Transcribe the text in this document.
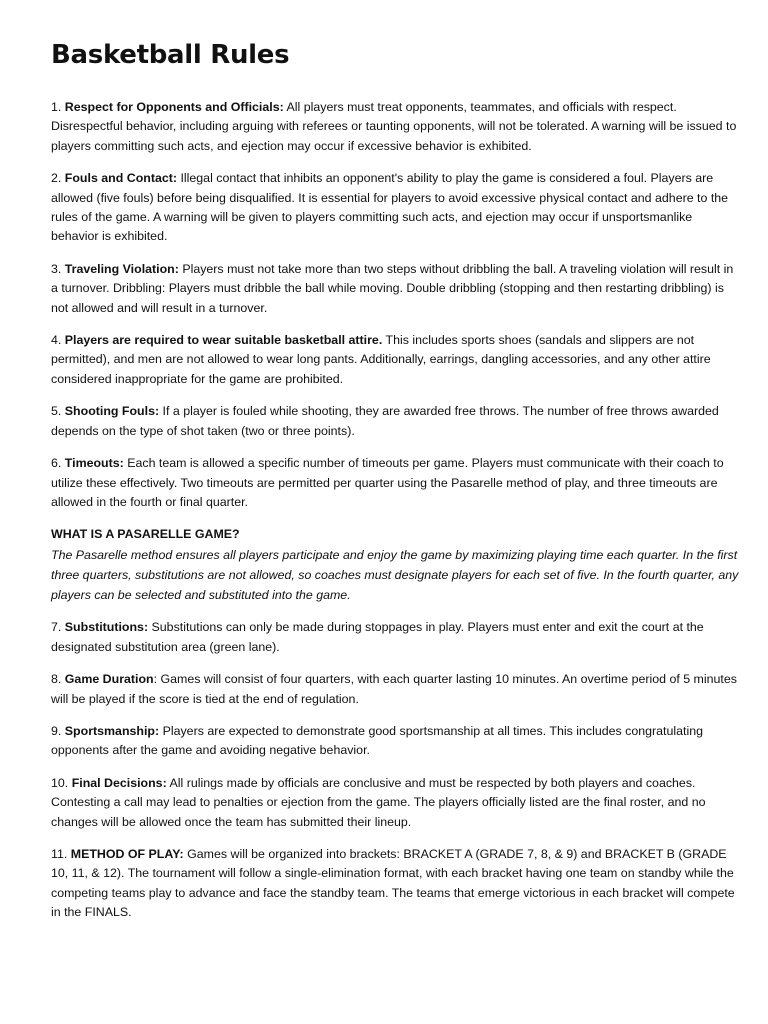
Basketball Rules

1. Respect for Opponents and Officials: All players must treat opponents, teammates, and officials with respect. Disrespectful behavior, including arguing with referees or taunting opponents, will not be tolerated. A warning will be issued to players committing such acts, and ejection may occur if excessive behavior is exhibited.

2. Fouls and Contact: Illegal contact that inhibits an opponent's ability to play the game is considered a foul. Players are allowed (five fouls) before being disqualified. It is essential for players to avoid excessive physical contact and adhere to the rules of the game. A warning will be given to players committing such acts, and ejection may occur if unsportsmanlike behavior is exhibited.

3. Traveling Violation: Players must not take more than two steps without dribbling the ball. A traveling violation will result in a turnover. Dribbling: Players must dribble the ball while moving. Double dribbling (stopping and then restarting dribbling) is not allowed and will result in a turnover.

4. Players are required to wear suitable basketball attire. This includes sports shoes (sandals and slippers are not permitted), and men are not allowed to wear long pants. Additionally, earrings, dangling accessories, and any other attire considered inappropriate for the game are prohibited.

5. Shooting Fouls: If a player is fouled while shooting, they are awarded free throws. The number of free throws awarded depends on the type of shot taken (two or three points).

6. Timeouts: Each team is allowed a specific number of timeouts per game. Players must communicate with their coach to utilize these effectively. Two timeouts are permitted per quarter using the Pasarelle method of play, and three timeouts are allowed in the fourth or final quarter.

WHAT IS A PASARELLE GAME?

The Pasarelle method ensures all players participate and enjoy the game by maximizing playing time each quarter. In the first three quarters, substitutions are not allowed, so coaches must designate players for each set of five. In the fourth quarter, any players can be selected and substituted into the game.

7. Substitutions: Substitutions can only be made during stoppages in play. Players must enter and exit the court at the designated substitution area (green lane).

8. Game Duration: Games will consist of four quarters, with each quarter lasting 10 minutes. An overtime period of 5 minutes will be played if the score is tied at the end of regulation.

9. Sportsmanship: Players are expected to demonstrate good sportsmanship at all times. This includes congratulating opponents after the game and avoiding negative behavior.

10. Final Decisions: All rulings made by officials are conclusive and must be respected by both players and coaches. Contesting a call may lead to penalties or ejection from the game. The players officially listed are the final roster, and no changes will be allowed once the team has submitted their lineup.

11. METHOD OF PLAY: Games will be organized into brackets: BRACKET A (GRADE 7, 8, & 9) and BRACKET B (GRADE 10, 11, & 12). The tournament will follow a single-elimination format, with each bracket having one team on standby while the competing teams play to advance and face the standby team. The teams that emerge victorious in each bracket will compete in the FINALS.
